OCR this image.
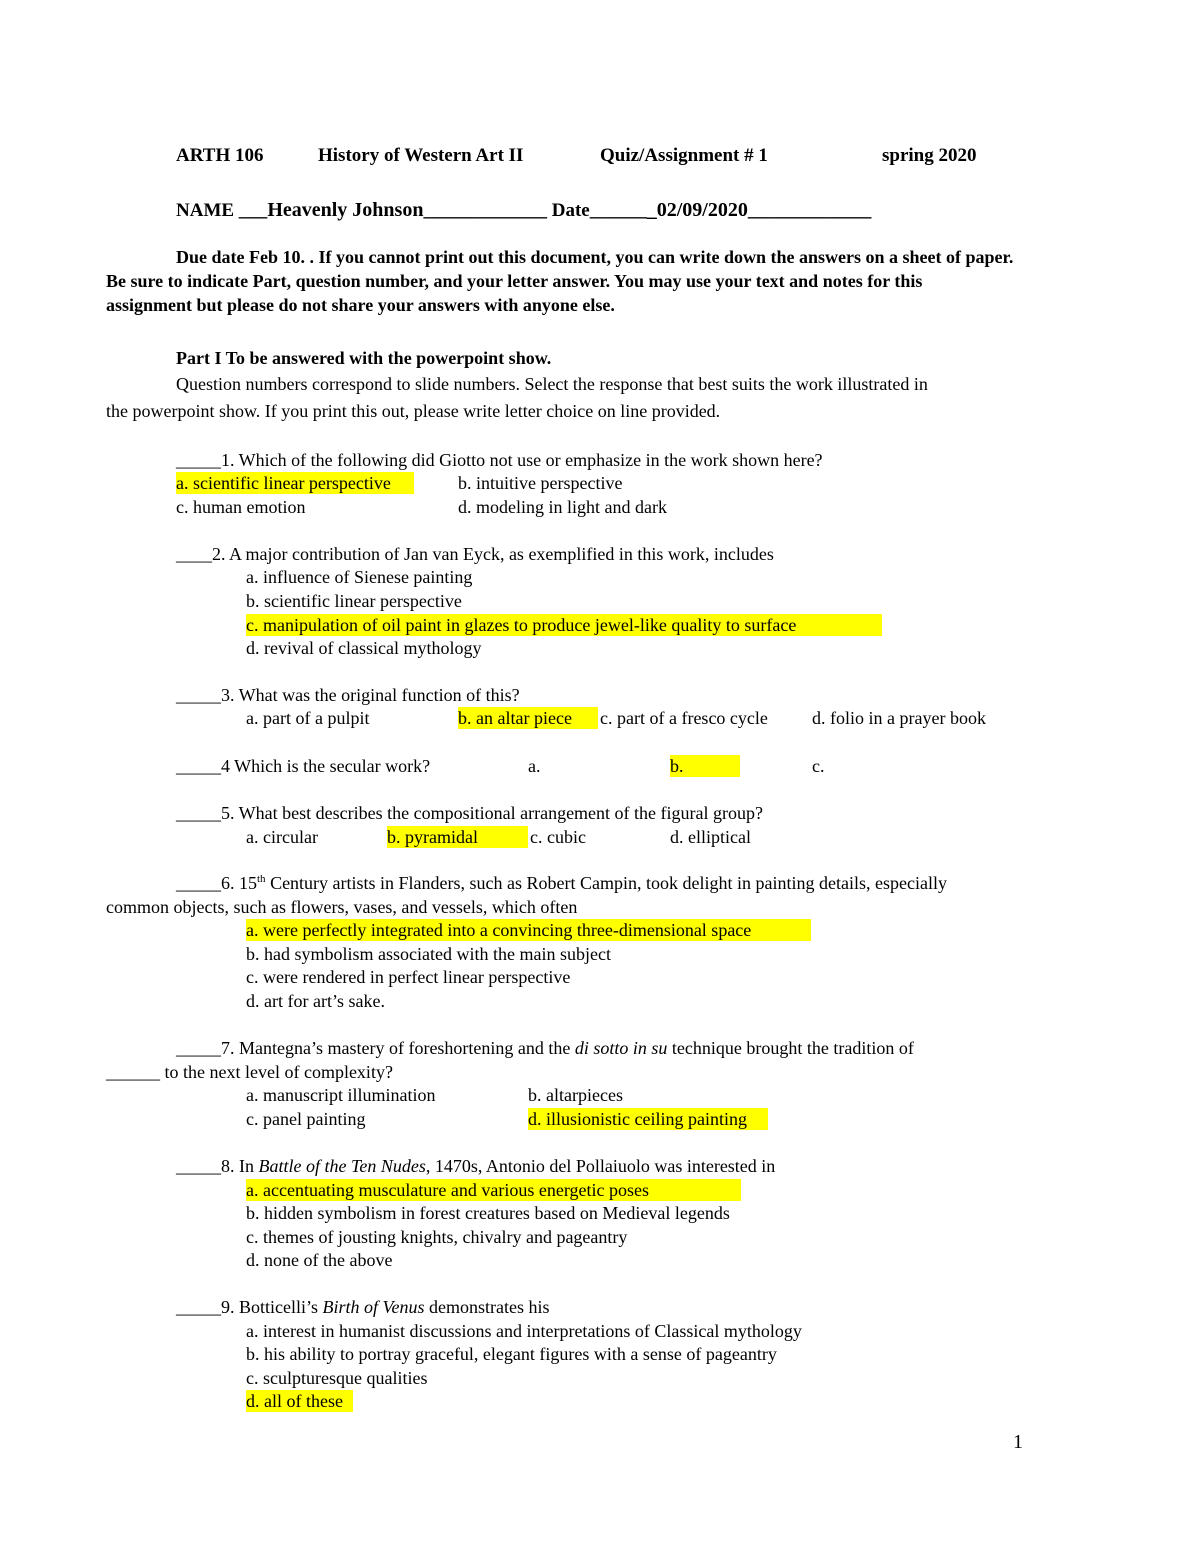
ARTH 106	History of Western Art II	Quiz/Assignment # 1	spring 2020
NAME ___Heavenly Johnson_____________ Date_______02/09/2020_____________
Due date Feb 10. . If you cannot print out this document, you can write down the answers on a sheet of paper.
Be sure to indicate Part, question number, and your letter answer. You may use your text and notes for this
assignment but please do not share your answers with anyone else.
Part I To be answered with the powerpoint show.
Question numbers correspond to slide numbers. Select the response that best suits the work illustrated in
the powerpoint show. If you print this out, please write letter choice on line provided.
_____1. Which of the following did Giotto not use or emphasize in the work shown here?
a. scientific linear perspective	b. intuitive perspective
c. human emotion	d. modeling in light and dark
____2. A major contribution of Jan van Eyck, as exemplified in this work, includes
a. influence of Sienese painting
b. scientific linear perspective
c. manipulation of oil paint in glazes to produce jewel-like quality to surface
d. revival of classical mythology
_____3. What was the original function of this?
a. part of a pulpit	b. an altar piece	c. part of a fresco cycle d. folio in a prayer book
_____4 Which is the secular work?	a.	b.	c.
_____5. What best describes the compositional arrangement of the figural group?
a. circular	b. pyramidal	c. cubic	d. elliptical
_____6. 15th Century artists in Flanders, such as Robert Campin, took delight in painting details, especially
common objects, such as flowers, vases, and vessels, which often
a. were perfectly integrated into a convincing three-dimensional space
b. had symbolism associated with the main subject
c. were rendered in perfect linear perspective
d. art for art’s sake.
_____7. Mantegna’s mastery of foreshortening and the di sotto in su technique brought the tradition of
______ to the next level of complexity?
a. manuscript illumination	b. altarpieces
c. panel painting	d. illusionistic ceiling painting
_____8. In Battle of the Ten Nudes, 1470s, Antonio del Pollaiuolo was interested in
a. accentuating musculature and various energetic poses
b. hidden symbolism in forest creatures based on Medieval legends
c. themes of jousting knights, chivalry and pageantry
d. none of the above
_____9. Botticelli’s Birth of Venus demonstrates his
a. interest in humanist discussions and interpretations of Classical mythology
b. his ability to portray graceful, elegant figures with a sense of pageantry
c. sculpturesque qualities
d. all of these
1
